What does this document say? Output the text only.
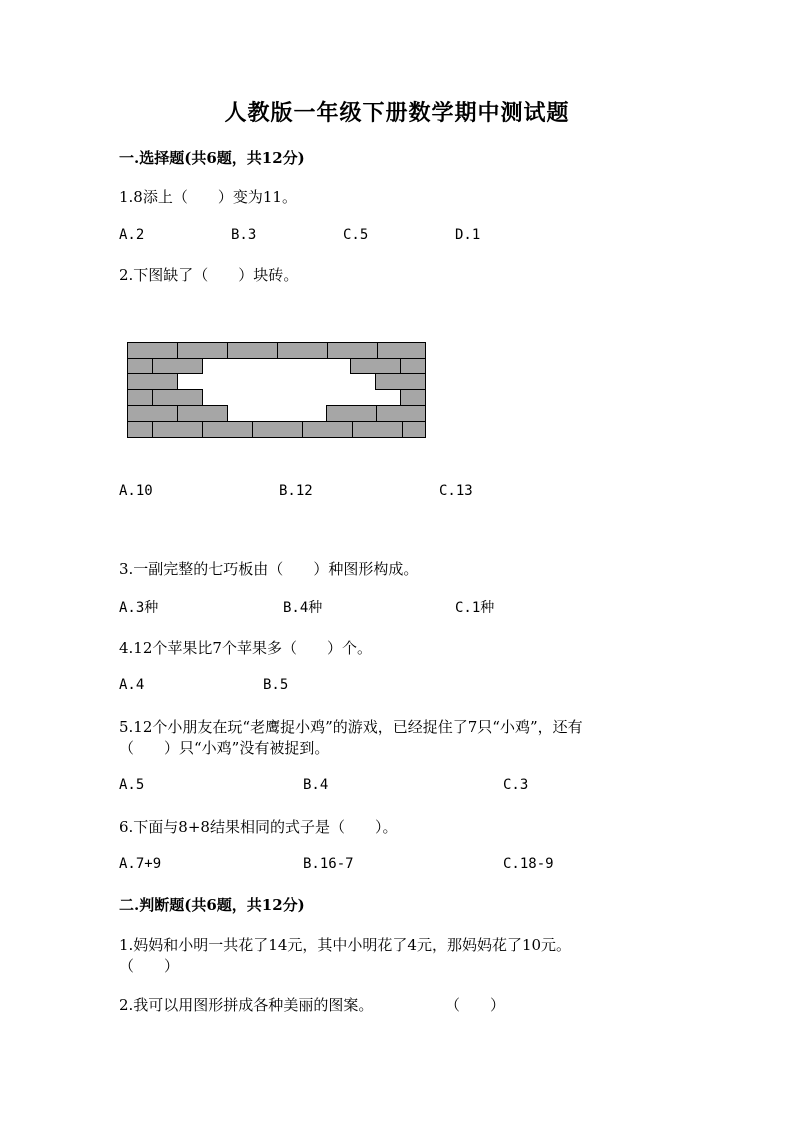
人教版一年级下册数学期中测试题
一.选择题(共6题，共12分)
1.8添上（　　）变为11。
A.2	B.3	C.5	D.1
2.下图缺了（　　）块砖。
A.10	B.12	C.13
3.一副完整的七巧板由（　　）种图形构成。
A.3种	B.4种	C.1种
4.12个苹果比7个苹果多（　　）个。
A.4	B.5
5.12个小朋友在玩“老鹰捉小鸡”的游戏，已经捉住了7只“小鸡”，还有
（　　）只“小鸡”没有被捉到。
A.5	B.4	C.3
6.下面与8+8结果相同的式子是（　　）。
A.7+9	B.16-7	C.18-9
二.判断题(共6题，共12分)
1.妈妈和小明一共花了14元，其中小明花了4元，那妈妈花了10元。
（　　）
2.我可以用图形拼成各种美丽的图案。	（　　）
